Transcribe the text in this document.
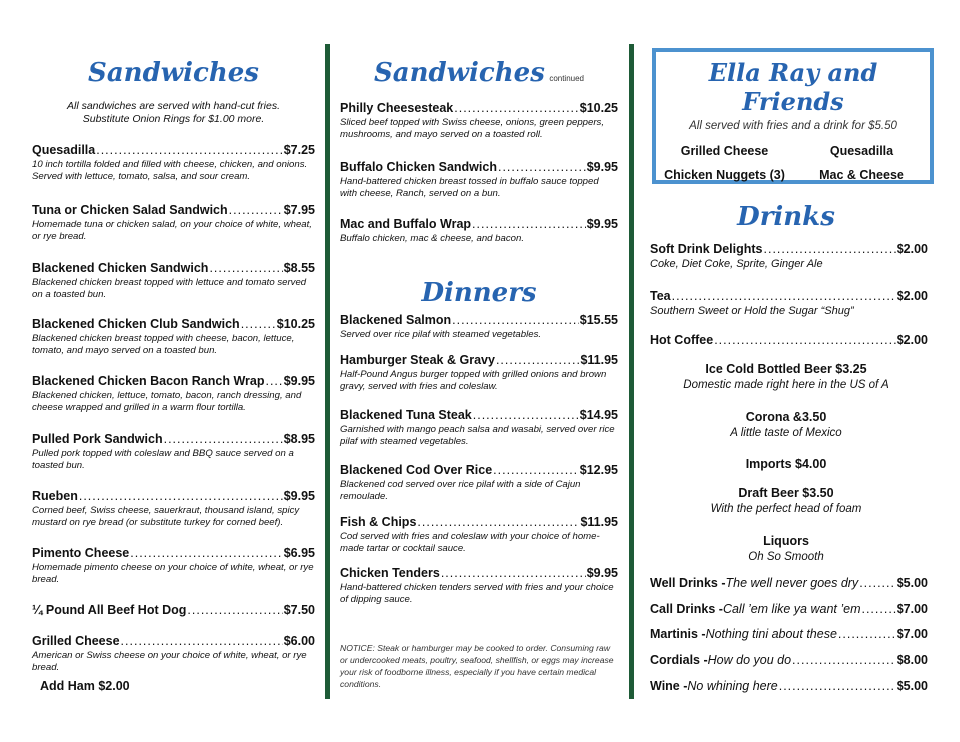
Sandwiches
All sandwiches are served with hand-cut fries.
Substitute Onion Rings for $1.00 more.
Quesadilla .....	$7.25
10 inch tortilla folded and filled with cheese, chicken, and onions. Served with lettuce, tomato, salsa, and sour cream.
Tuna or Chicken Salad Sandwich .....	$7.95
Homemade tuna or chicken salad, on your choice of white, wheat, or rye bread.
Blackened Chicken Sandwich .....	$8.55
Blackened chicken breast topped with lettuce and tomato served on a toasted bun.
Blackened Chicken Club Sandwich .....	$10.25
Blackened chicken breast topped with cheese, bacon, lettuce, tomato, and mayo served on a toasted bun.
Blackened Chicken Bacon Ranch Wrap ..... $9.95
Blackened chicken, lettuce, tomato, bacon, ranch dressing, and cheese wrapped and grilled in a warm flour tortilla.
Pulled Pork Sandwich .....	$8.95
Pulled pork topped with coleslaw and BBQ sauce served on a toasted bun.
Rueben .....	$9.95
Corned beef, Swiss cheese, sauerkraut, thousand island, spicy mustard on rye bread (or substitute turkey for corned beef).
Pimento Cheese .....	$6.95
Homemade pimento cheese on your choice of white, wheat, or rye bread.
¼ Pound All Beef Hot Dog .....	$7.50
Grilled Cheese .....	$6.00
American or Swiss cheese on your choice of white, wheat, or rye bread.
Add Ham $2.00
Sandwiches continued
Philly Cheesesteak .....	$10.25
Sliced beef topped with Swiss cheese, onions, green peppers, mushrooms, and mayo served on a toasted roll.
Buffalo Chicken Sandwich .....	$9.95
Hand-battered chicken breast tossed in buffalo sauce topped with cheese, Ranch, served on a bun.
Mac and Buffalo Wrap .....	$9.95
Buffalo chicken, mac & cheese, and bacon.
Dinners
Blackened Salmon .....	$15.55
Served over rice pilaf with steamed vegetables.
Hamburger Steak & Gravy .....	$11.95
Half-Pound Angus burger topped with grilled onions and brown gravy, served with fries and coleslaw.
Blackened Tuna Steak .....	$14.95
Garnished with mango peach salsa and wasabi, served over rice pilaf with steamed vegetables.
Blackened Cod Over Rice .....	$12.95
Blackened cod served over rice pilaf with a side of Cajun remoulade.
Fish & Chips .....	$11.95
Cod served with fries and coleslaw with your choice of home-made tartar or cocktail sauce.
Chicken Tenders .....	$9.95
Hand-battered chicken tenders served with fries and your choice of dipping sauce.
NOTICE: Steak or hamburger may be cooked to order. Consuming raw or undercooked meats, poultry, seafood, shellfish, or eggs may increase your risk of foodborne illness, especially if you have certain medical conditions.
Ella Ray and Friends
All served with fries and a drink for $5.50
Grilled Cheese	Quesadilla
Chicken Nuggets (3)	Mac & Cheese
Drinks
Soft Drink Delights .....	$2.00
Coke, Diet Coke, Sprite, Ginger Ale
Tea .....	$2.00
Southern Sweet or Hold the Sugar “Shug”
Hot Coffee .....	$2.00
Ice Cold Bottled Beer $3.25
Domestic made right here in the US of A
Corona &3.50
A little taste of Mexico
Imports $4.00
Draft Beer $3.50
With the perfect head of foam
Liquors
Oh So Smooth
Well Drinks - The well never goes dry .....	$5.00
Call Drinks - Call ’em like ya want ’em .....	$7.00
Martinis - Nothing tini about these .....	$7.00
Cordials - How do you do .....	$8.00
Wine - No whining here .....	$5.00
